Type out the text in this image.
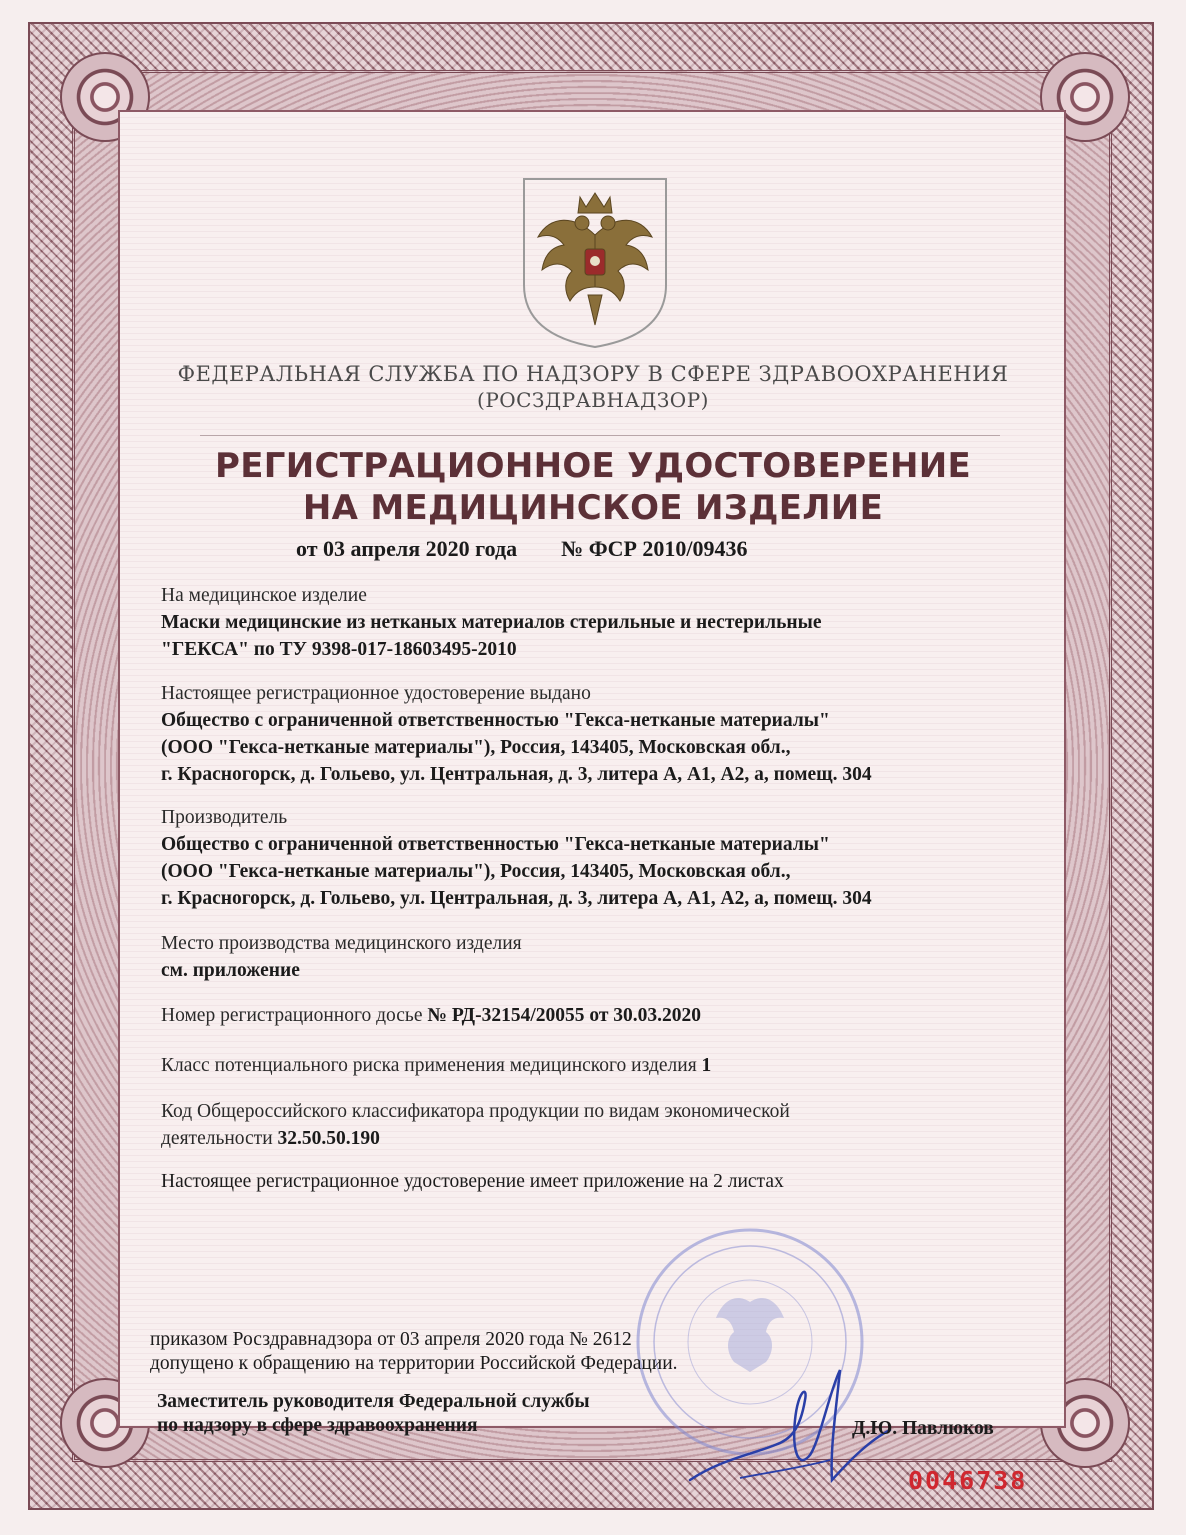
ФЕДЕРАЛЬНАЯ СЛУЖБА ПО НАДЗОРУ В СФЕРЕ ЗДРАВООХРАНЕНИЯ
(РОСЗДРАВНАДЗОР)
РЕГИСТРАЦИОННОЕ УДОСТОВЕРЕНИЕ
НА МЕДИЦИНСКОЕ ИЗДЕЛИЕ
от 03 апреля 2020 года № ФСР 2010/09436
На медицинское изделие
Маски медицинские из нетканых материалов стерильные и нестерильные
"ГЕКСА" по ТУ 9398-017-18603495-2010
Настоящее регистрационное удостоверение выдано
Общество с ограниченной ответственностью "Гекса-нетканые материалы"
(ООО "Гекса-нетканые материалы"), Россия, 143405, Московская обл.,
г. Красногорск, д. Гольево, ул. Центральная, д. 3, литера А, А1, А2, а, помещ. 304
Производитель
Общество с ограниченной ответственностью "Гекса-нетканые материалы"
(ООО "Гекса-нетканые материалы"), Россия, 143405, Московская обл.,
г. Красногорск, д. Гольево, ул. Центральная, д. 3, литера А, А1, А2, а, помещ. 304
Место производства медицинского изделия
см. приложение
Номер регистрационного досье № РД-32154/20055 от 30.03.2020
Класс потенциального риска применения медицинского изделия 1
Код Общероссийского классификатора продукции по видам экономической
деятельности 32.50.50.190
Настоящее регистрационное удостоверение имеет приложение на 2 листах
приказом Росздравнадзора от 03 апреля 2020 года № 2612
допущено к обращению на территории Российской Федерации.
Заместитель руководителя Федеральной службы
по надзору в сфере здравоохранения	Д.Ю. Павлюков
0046738
